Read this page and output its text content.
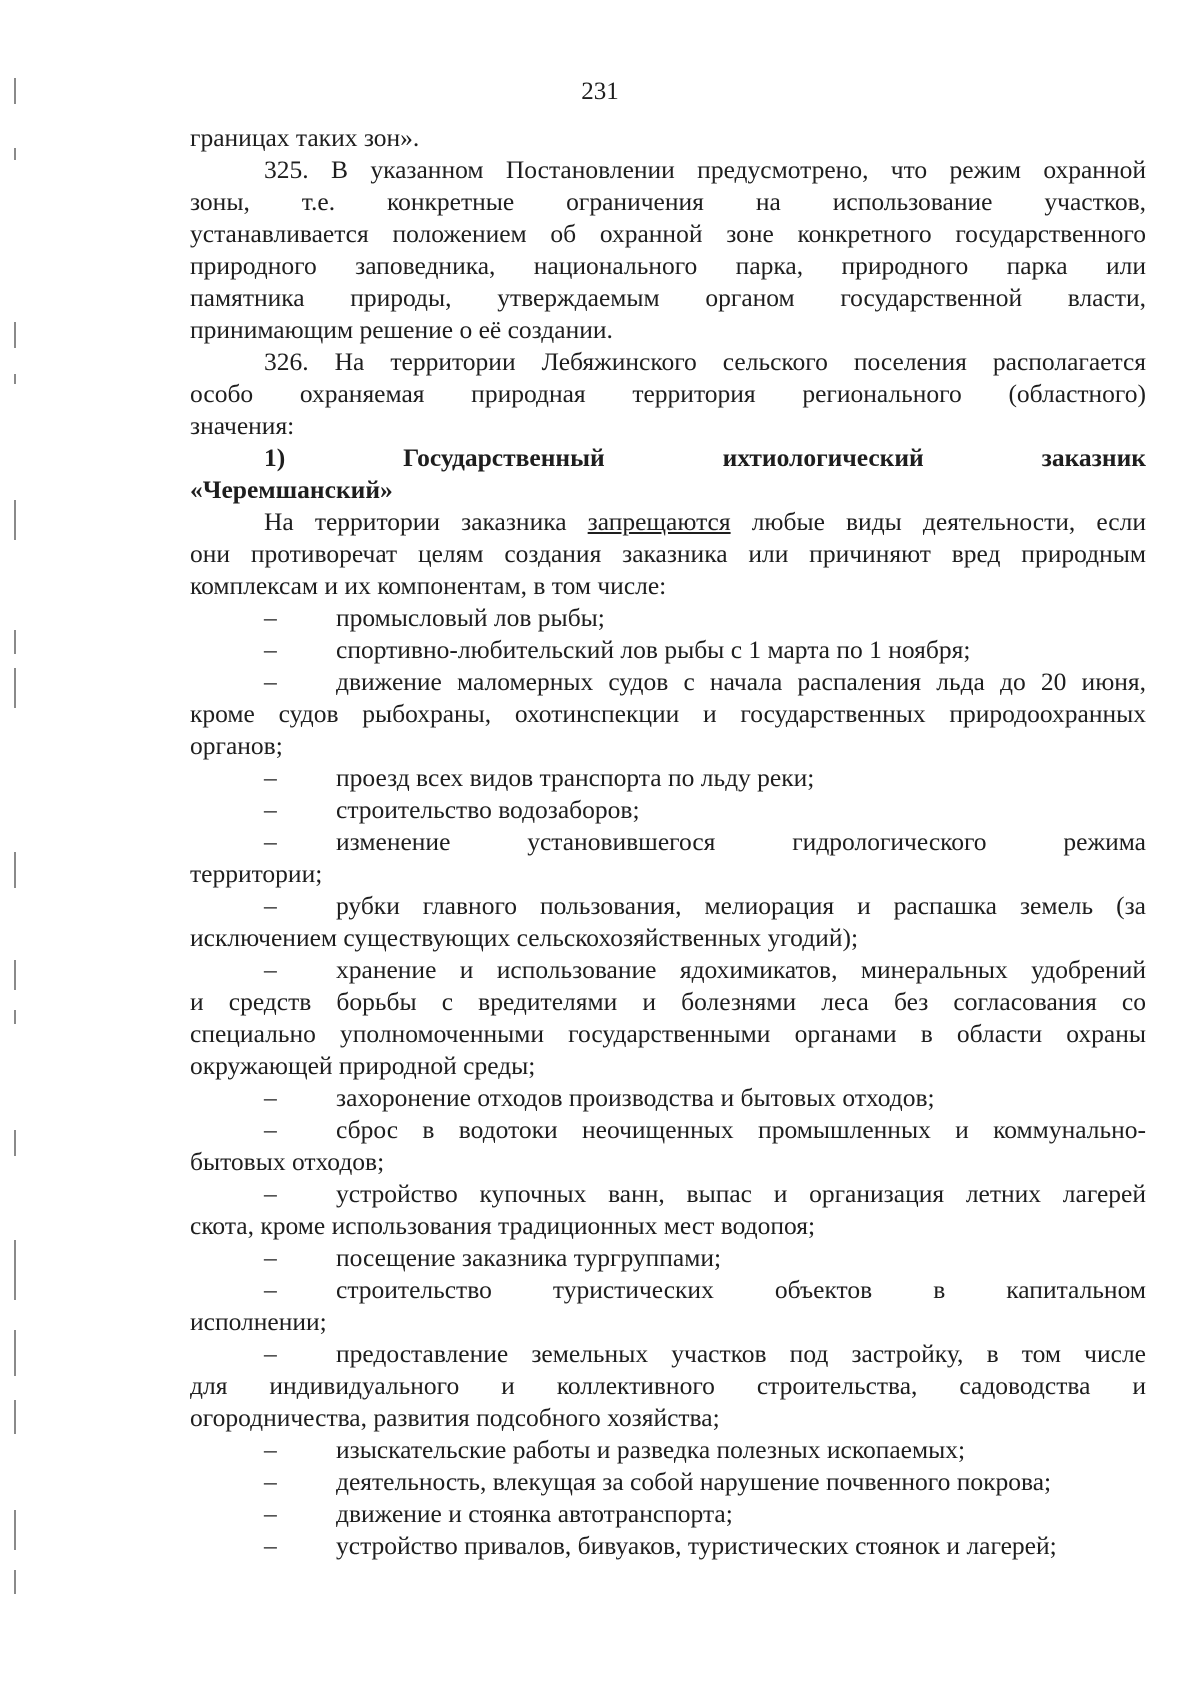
231
границах таких зон».
325. В указанном Постановлении предусмотрено, что режим охранной
зоны, т.е. конкретные ограничения на использование участков,
устанавливается положением об охранной зоне конкретного государственного
природного заповедника, национального парка, природного парка или
памятника природы, утверждаемым органом государственной власти,
принимающим решение о её создании.
326. На территории Лебяжинского сельского поселения располагается
особо охраняемая природная территория регионального (областного)
значения:
1) Государственный ихтиологический заказник
«Черемшанский»
На территории заказника запрещаются любые виды деятельности, если
они противоречат целям создания заказника или причиняют вред природным
комплексам и их компонентам, в том числе:
– промысловый лов рыбы;
– спортивно-любительский лов рыбы с 1 марта по 1 ноября;
– движение маломерных судов с начала распаления льда до 20 июня,
кроме судов рыбохраны, охотинспекции и государственных природоохранных
органов;
– проезд всех видов транспорта по льду реки;
– строительство водозаборов;
– изменение установившегося гидрологического режима
территории;
– рубки главного пользования, мелиорация и распашка земель (за
исключением существующих сельскохозяйственных угодий);
– хранение и использование ядохимикатов, минеральных удобрений
и средств борьбы с вредителями и болезнями леса без согласования со
специально уполномоченными государственными органами в области охраны
окружающей природной среды;
– захоронение отходов производства и бытовых отходов;
– сброс в водотоки неочищенных промышленных и коммунально-
бытовых отходов;
– устройство купочных ванн, выпас и организация летних лагерей
скота, кроме использования традиционных мест водопоя;
– посещение заказника тургруппами;
– строительство туристических объектов в капитальном
исполнении;
– предоставление земельных участков под застройку, в том числе
для индивидуального и коллективного строительства, садоводства и
огородничества, развития подсобного хозяйства;
– изыскательские работы и разведка полезных ископаемых;
– деятельность, влекущая за собой нарушение почвенного покрова;
– движение и стоянка автотранспорта;
– устройство привалов, бивуаков, туристических стоянок и лагерей;
